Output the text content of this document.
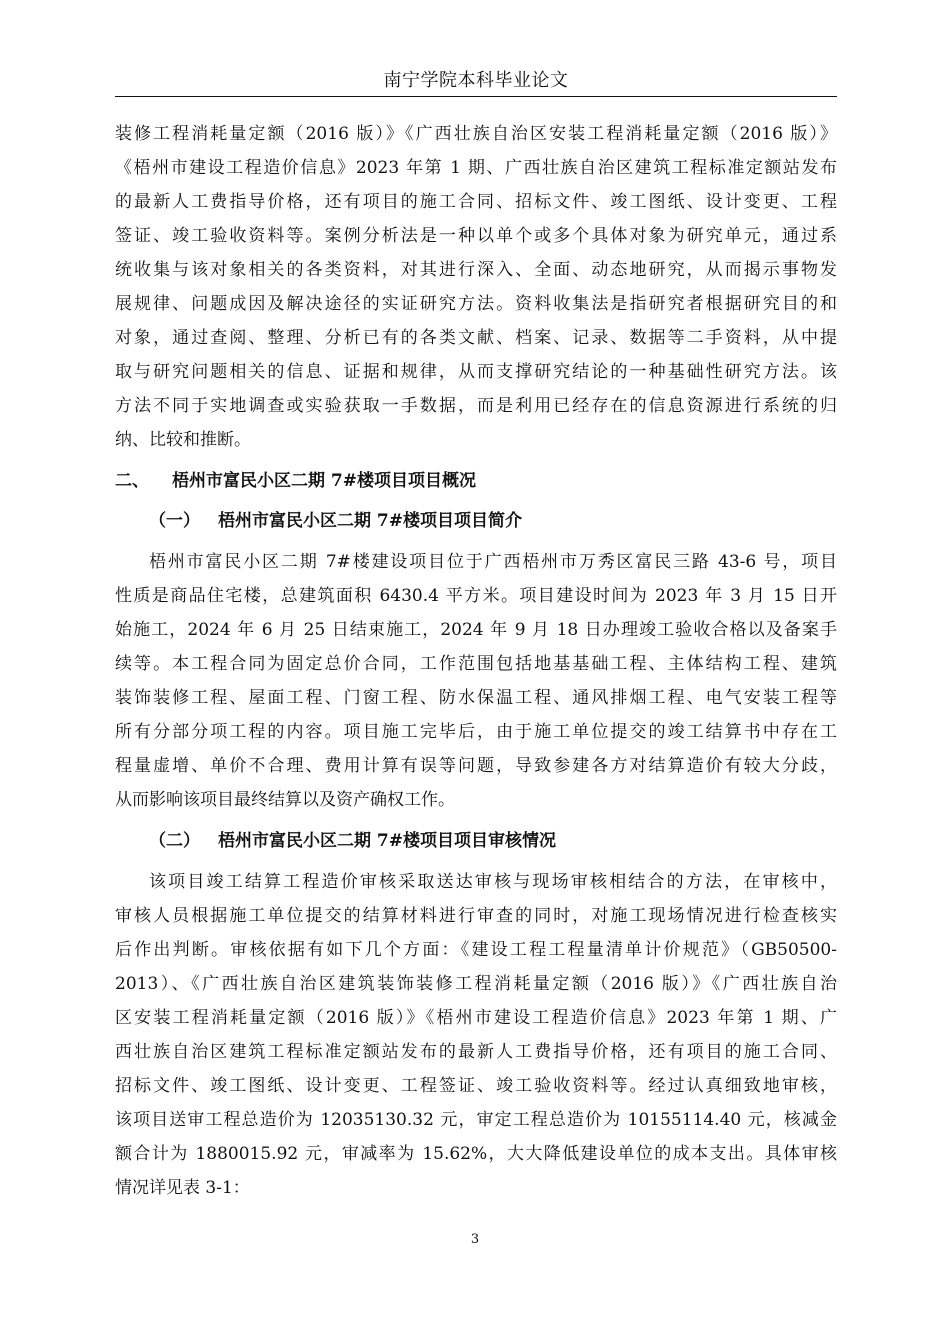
南宁学院本科毕业论文
装修工程消耗量定额（2016 版）》《广西壮族自治区安装工程消耗量定额（2016 版）》
《梧州市建设工程造价信息》2023 年第 1 期、广西壮族自治区建筑工程标准定额站发布
的最新人工费指导价格，还有项目的施工合同、招标文件、竣工图纸、设计变更、工程
签证、竣工验收资料等。案例分析法是一种以单个或多个具体对象为研究单元，通过系
统收集与该对象相关的各类资料，对其进行深入、全面、动态地研究，从而揭示事物发
展规律、问题成因及解决途径的实证研究方法。资料收集法是指研究者根据研究目的和
对象，通过查阅、整理、分析已有的各类文献、档案、记录、数据等二手资料，从中提
取与研究问题相关的信息、证据和规律，从而支撑研究结论的一种基础性研究方法。该
方法不同于实地调查或实验获取一手数据，而是利用已经存在的信息资源进行系统的归
纳、比较和推断。
二、 梧州市富民小区二期 7#楼项目项目概况
（一） 梧州市富民小区二期 7#楼项目项目简介
梧州市富民小区二期 7#楼建设项目位于广西梧州市万秀区富民三路 43-6 号，项目
性质是商品住宅楼，总建筑面积 6430.4 平方米。项目建设时间为 2023 年 3 月 15 日开
始施工，2024 年 6 月 25 日结束施工，2024 年 9 月 18 日办理竣工验收合格以及备案手
续等。本工程合同为固定总价合同，工作范围包括地基基础工程、主体结构工程、建筑
装饰装修工程、屋面工程、门窗工程、防水保温工程、通风排烟工程、电气安装工程等
所有分部分项工程的内容。项目施工完毕后，由于施工单位提交的竣工结算书中存在工
程量虚增、单价不合理、费用计算有误等问题，导致参建各方对结算造价有较大分歧，
从而影响该项目最终结算以及资产确权工作。
（二） 梧州市富民小区二期 7#楼项目项目审核情况
该项目竣工结算工程造价审核采取送达审核与现场审核相结合的方法，在审核中，
审核人员根据施工单位提交的结算材料进行审查的同时，对施工现场情况进行检查核实
后作出判断。审核依据有如下几个方面：《建设工程工程量清单计价规范》（GB50500-
2013）、《广西壮族自治区建筑装饰装修工程消耗量定额（2016 版）》《广西壮族自治
区安装工程消耗量定额（2016 版）》《梧州市建设工程造价信息》2023 年第 1 期、广
西壮族自治区建筑工程标准定额站发布的最新人工费指导价格，还有项目的施工合同、
招标文件、竣工图纸、设计变更、工程签证、竣工验收资料等。经过认真细致地审核，
该项目送审工程总造价为 12035130.32 元，审定工程总造价为 10155114.40 元，核减金
额合计为 1880015.92 元，审减率为 15.62%，大大降低建设单位的成本支出。具体审核
情况详见表 3-1：
3
